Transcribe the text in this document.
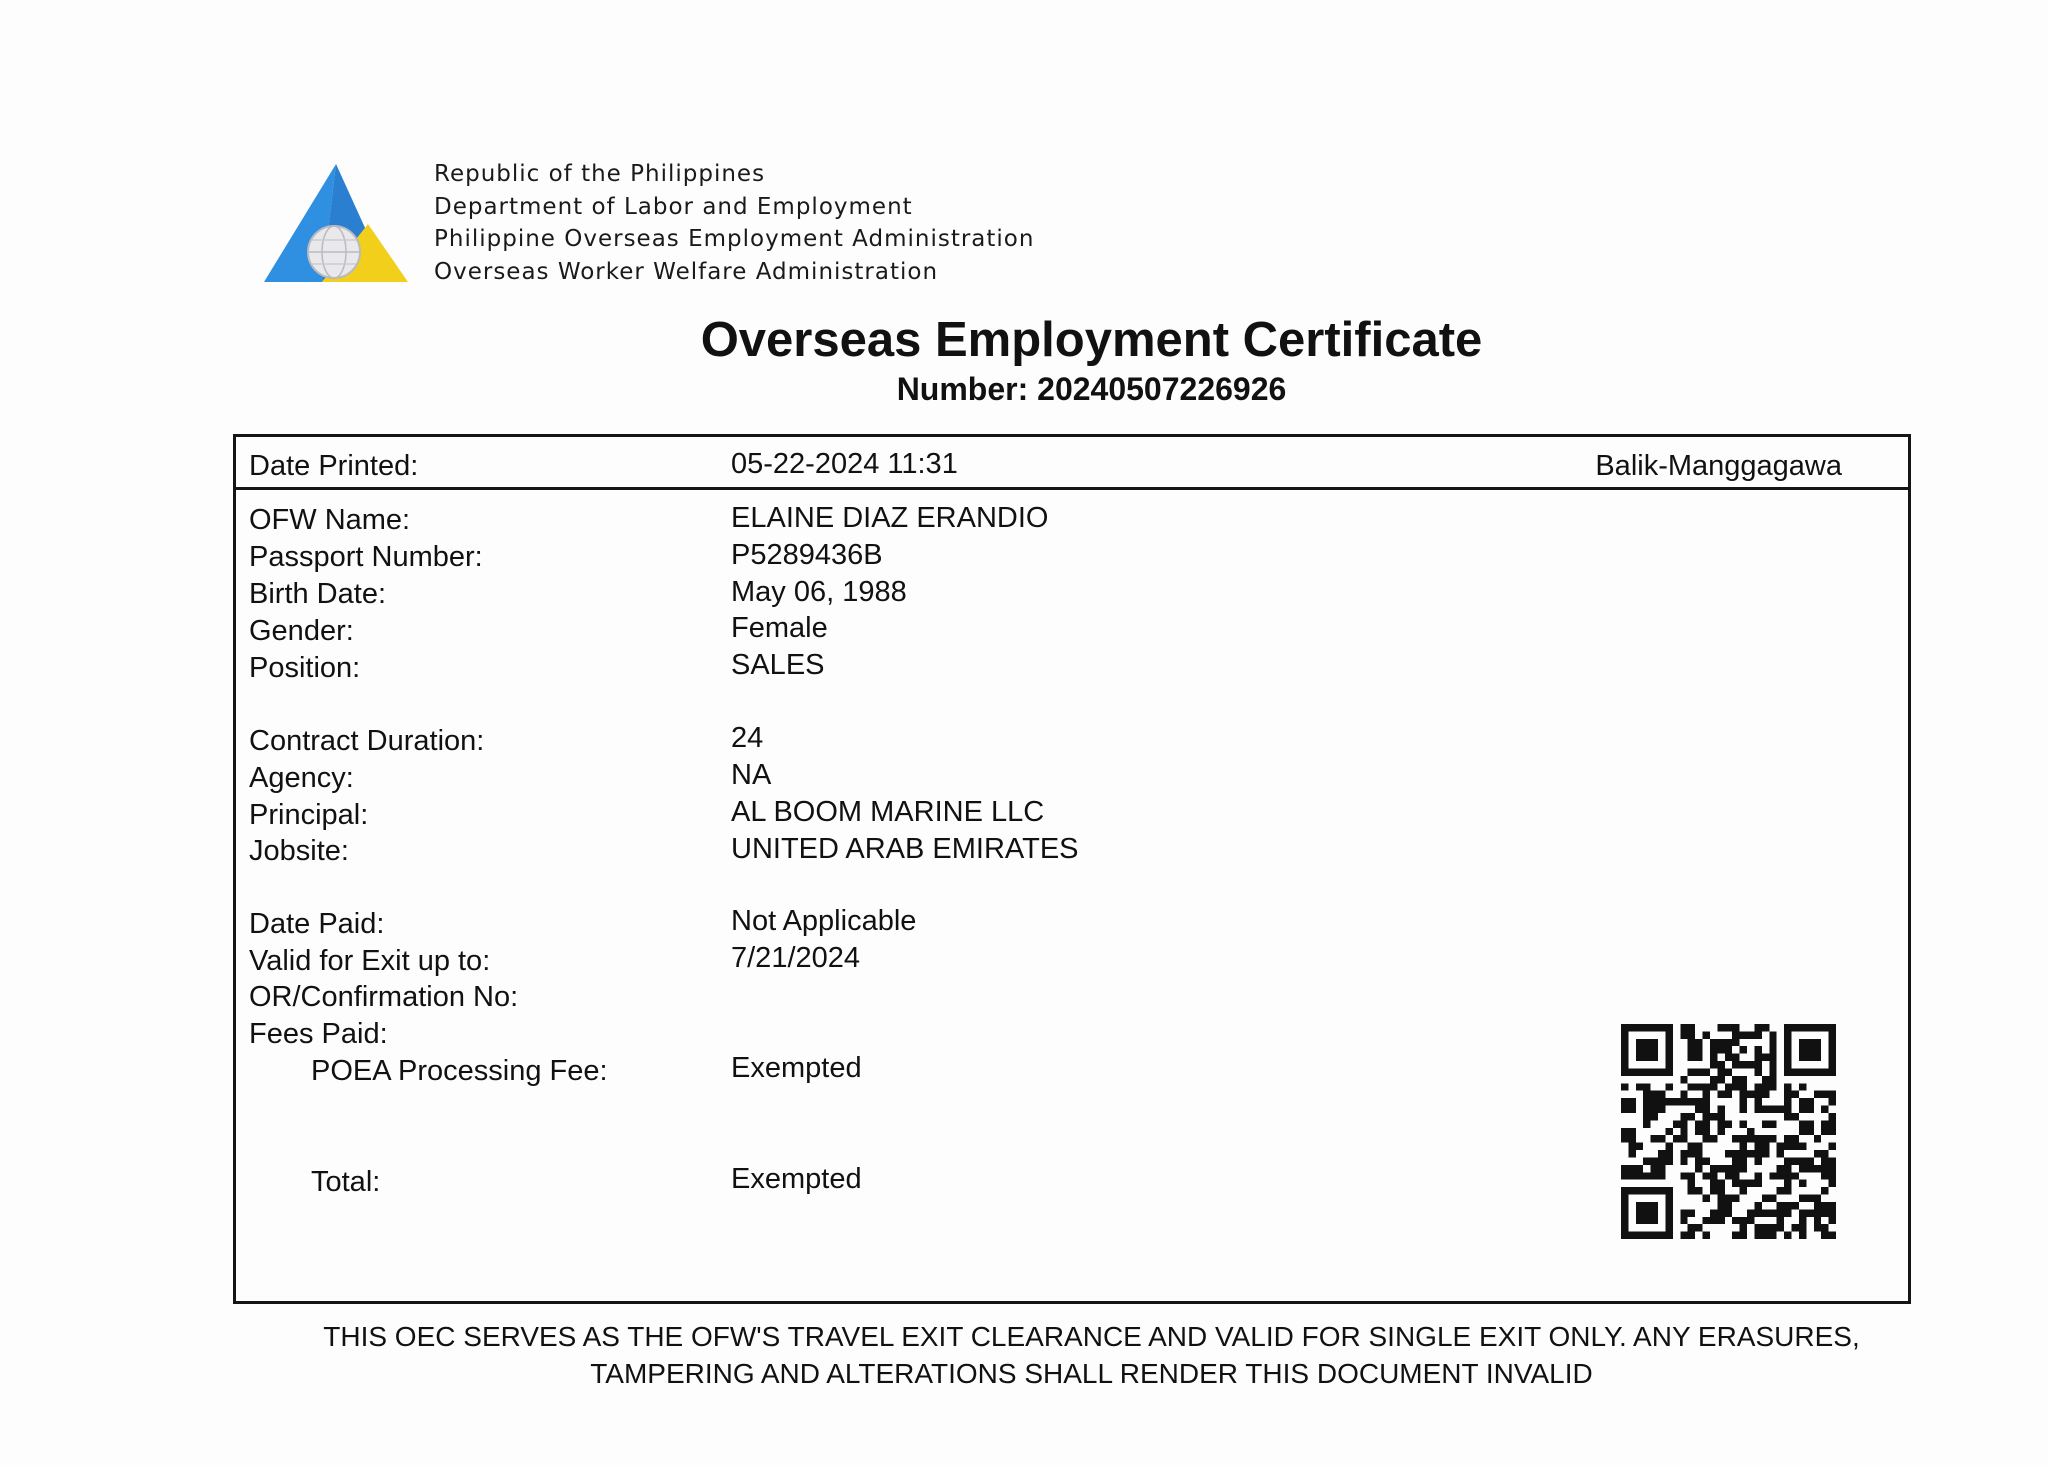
Republic of the Philippines
Department of Labor and Employment
Philippine Overseas Employment Administration
Overseas Worker Welfare Administration
Overseas Employment Certificate
Number: 20240507226926
Date Printed:	05-22-2024 11:31	Balik-Manggagawa
OFW Name:	ELAINE DIAZ ERANDIO
Passport Number:	P5289436B
Birth Date:	May 06, 1988
Gender:	Female
Position:	SALES
Contract Duration:	24
Agency:	NA
Principal:	AL BOOM MARINE LLC
Jobsite:	UNITED ARAB EMIRATES
Date Paid:	Not Applicable
Valid for Exit up to:	7/21/2024
OR/Confirmation No:
Fees Paid:
POEA Processing Fee:	Exempted
Total:	Exempted
THIS OEC SERVES AS THE OFW'S TRAVEL EXIT CLEARANCE AND VALID FOR SINGLE EXIT ONLY. ANY ERASURES,
TAMPERING AND ALTERATIONS SHALL RENDER THIS DOCUMENT INVALID
